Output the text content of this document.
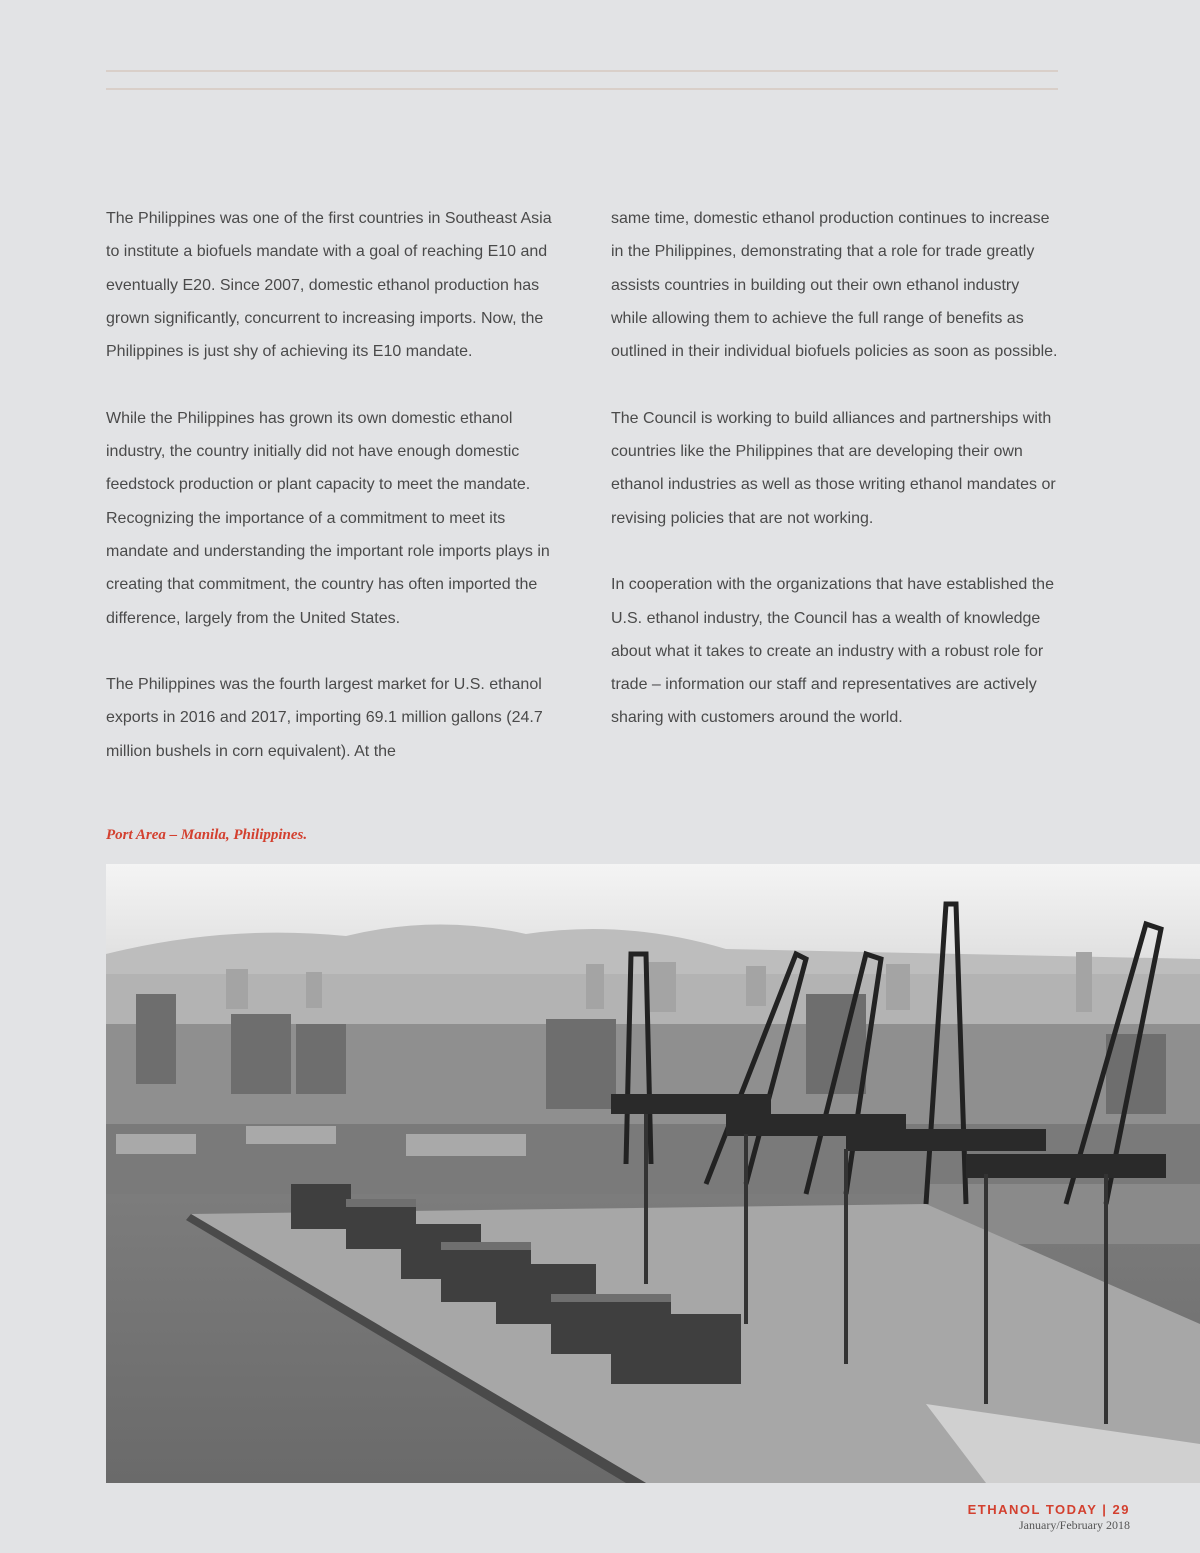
The Philippines was one of the first countries in Southeast Asia to institute a biofuels mandate with a goal of reaching E10 and eventually E20. Since 2007, domestic ethanol production has grown significantly, concurrent to increasing imports. Now, the Philippines is just shy of achieving its E10 mandate.

While the Philippines has grown its own domestic ethanol industry, the country initially did not have enough domestic feedstock production or plant capacity to meet the mandate. Recognizing the importance of a commitment to meet its mandate and understanding the important role imports plays in creating that commitment, the country has often imported the difference, largely from the United States.

The Philippines was the fourth largest market for U.S. ethanol exports in 2016 and 2017, importing 69.1 million gallons (24.7 million bushels in corn equivalent). At the

same time, domestic ethanol production continues to increase in the Philippines, demonstrating that a role for trade greatly assists countries in building out their own ethanol industry while allowing them to achieve the full range of benefits as outlined in their individual biofuels policies as soon as possible.

The Council is working to build alliances and partnerships with countries like the Philippines that are developing their own ethanol industries as well as those writing ethanol mandates or revising policies that are not working.

In cooperation with the organizations that have established the U.S. ethanol industry, the Council has a wealth of knowledge about what it takes to create an industry with a robust role for trade – information our staff and representatives are actively sharing with customers around the world.

Port Area – Manila, Philippines.
ETHANOL TODAY | 29
January/February 2018
